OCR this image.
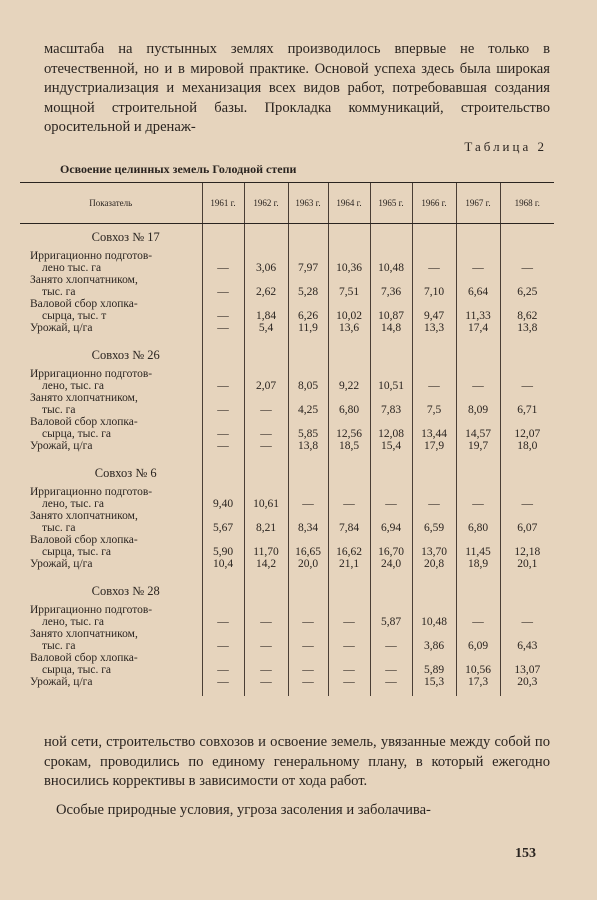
масштаба на пустынных землях производилось впервые не только в отечественной, но и в мировой практике. Основой успеха здесь была широкая индустриализация и механизация всех видов работ, потребовавшая создания мощной строительной базы. Прокладка коммуникаций, строительство оросительной и дренаж-

Таблица 2
Освоение целинных земель Голодной степи
Показатель	1961 г.	1962 г.	1963 г.	1964 г.	1965 г.	1966 г.	1967 г.	1968 г.
Совхоз № 17								

Ирригационно подготов-
лено тыс. га	—	3,06	7,97	10,36	10,48	—	—	—

Занято хлопчатником,
тыс. га	—	2,62	5,28	7,51	7,36	7,10	6,64	6,25

Валовой сбор хлопка-
сырца, тыс. т	—	1,84	6,26	10,02	10,87	9,47	11,33	8,62

Урожай, ц/га	—	5,4	11,9	13,6	14,8	13,3	17,4	13,8
Совхоз № 26								

Ирригационно подготов-
лено, тыс. га	—	2,07	8,05	9,22	10,51	—	—	—

Занято хлопчатником,
тыс. га	—	—	4,25	6,80	7,83	7,5	8,09	6,71

Валовой сбор хлопка-
сырца, тыс. га	—	—	5,85	12,56	12,08	13,44	14,57	12,07

Урожай, ц/га	—	—	13,8	18,5	15,4	17,9	19,7	18,0
Совхоз № 6								

Ирригационно подготов-
лено, тыс. га	9,40	10,61	—	—	—	—	—	—

Занято хлопчатником,
тыс. га	5,67	8,21	8,34	7,84	6,94	6,59	6,80	6,07

Валовой сбор хлопка-
сырца, тыс. га	5,90	11,70	16,65	16,62	16,70	13,70	11,45	12,18

Урожай, ц/га	10,4	14,2	20,0	21,1	24,0	20,8	18,9	20,1
Совхоз № 28								

Ирригационно подготов-
лено, тыс. га	—	—	—	—	5,87	10,48	—	—

Занято хлопчатником,
тыс. га	—	—	—	—	—	3,86	6,09	6,43

Валовой сбор хлопка-
сырца, тыс. га	—	—	—	—	—	5,89	10,56	13,07

Урожай, ц/га	—	—	—	—	—	15,3	17,3	20,3

ной сети, строительство совхозов и освоение земель, увязанные между собой по срокам, проводились по единому генеральному плану, в который ежегодно вносились коррективы в зависимости от хода работ.

Особые природные условия, угроза засоления и заболачива-

153
